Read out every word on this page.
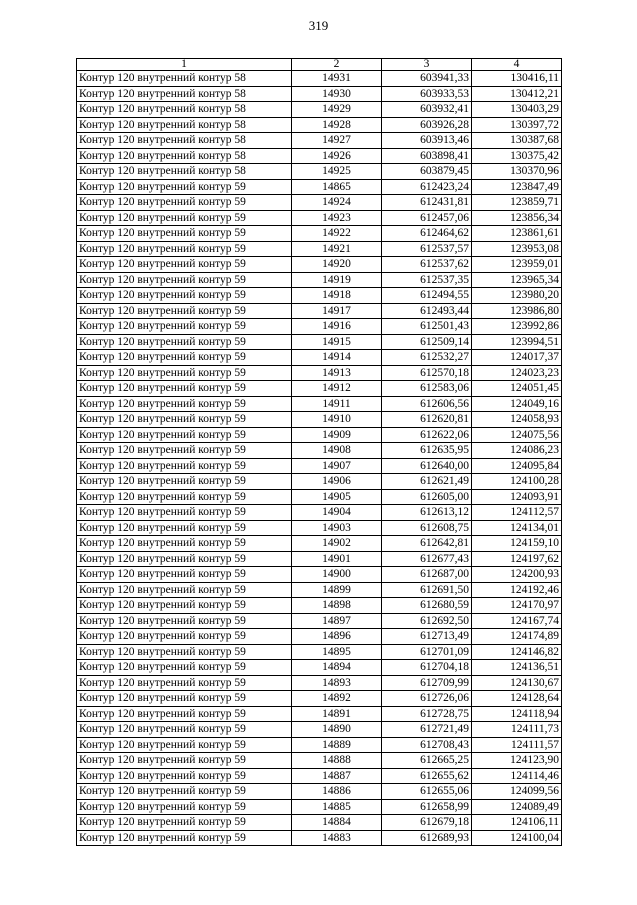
319
1	2	3	4
Контур 120 внутренний контур 58	14931	603941,33	130416,11
Контур 120 внутренний контур 58	14930	603933,53	130412,21
Контур 120 внутренний контур 58	14929	603932,41	130403,29
Контур 120 внутренний контур 58	14928	603926,28	130397,72
Контур 120 внутренний контур 58	14927	603913,46	130387,68
Контур 120 внутренний контур 58	14926	603898,41	130375,42
Контур 120 внутренний контур 58	14925	603879,45	130370,96
Контур 120 внутренний контур 59	14865	612423,24	123847,49
Контур 120 внутренний контур 59	14924	612431,81	123859,71
Контур 120 внутренний контур 59	14923	612457,06	123856,34
Контур 120 внутренний контур 59	14922	612464,62	123861,61
Контур 120 внутренний контур 59	14921	612537,57	123953,08
Контур 120 внутренний контур 59	14920	612537,62	123959,01
Контур 120 внутренний контур 59	14919	612537,35	123965,34
Контур 120 внутренний контур 59	14918	612494,55	123980,20
Контур 120 внутренний контур 59	14917	612493,44	123986,80
Контур 120 внутренний контур 59	14916	612501,43	123992,86
Контур 120 внутренний контур 59	14915	612509,14	123994,51
Контур 120 внутренний контур 59	14914	612532,27	124017,37
Контур 120 внутренний контур 59	14913	612570,18	124023,23
Контур 120 внутренний контур 59	14912	612583,06	124051,45
Контур 120 внутренний контур 59	14911	612606,56	124049,16
Контур 120 внутренний контур 59	14910	612620,81	124058,93
Контур 120 внутренний контур 59	14909	612622,06	124075,56
Контур 120 внутренний контур 59	14908	612635,95	124086,23
Контур 120 внутренний контур 59	14907	612640,00	124095,84
Контур 120 внутренний контур 59	14906	612621,49	124100,28
Контур 120 внутренний контур 59	14905	612605,00	124093,91
Контур 120 внутренний контур 59	14904	612613,12	124112,57
Контур 120 внутренний контур 59	14903	612608,75	124134,01
Контур 120 внутренний контур 59	14902	612642,81	124159,10
Контур 120 внутренний контур 59	14901	612677,43	124197,62
Контур 120 внутренний контур 59	14900	612687,00	124200,93
Контур 120 внутренний контур 59	14899	612691,50	124192,46
Контур 120 внутренний контур 59	14898	612680,59	124170,97
Контур 120 внутренний контур 59	14897	612692,50	124167,74
Контур 120 внутренний контур 59	14896	612713,49	124174,89
Контур 120 внутренний контур 59	14895	612701,09	124146,82
Контур 120 внутренний контур 59	14894	612704,18	124136,51
Контур 120 внутренний контур 59	14893	612709,99	124130,67
Контур 120 внутренний контур 59	14892	612726,06	124128,64
Контур 120 внутренний контур 59	14891	612728,75	124118,94
Контур 120 внутренний контур 59	14890	612721,49	124111,73
Контур 120 внутренний контур 59	14889	612708,43	124111,57
Контур 120 внутренний контур 59	14888	612665,25	124123,90
Контур 120 внутренний контур 59	14887	612655,62	124114,46
Контур 120 внутренний контур 59	14886	612655,06	124099,56
Контур 120 внутренний контур 59	14885	612658,99	124089,49
Контур 120 внутренний контур 59	14884	612679,18	124106,11
Контур 120 внутренний контур 59	14883	612689,93	124100,04
